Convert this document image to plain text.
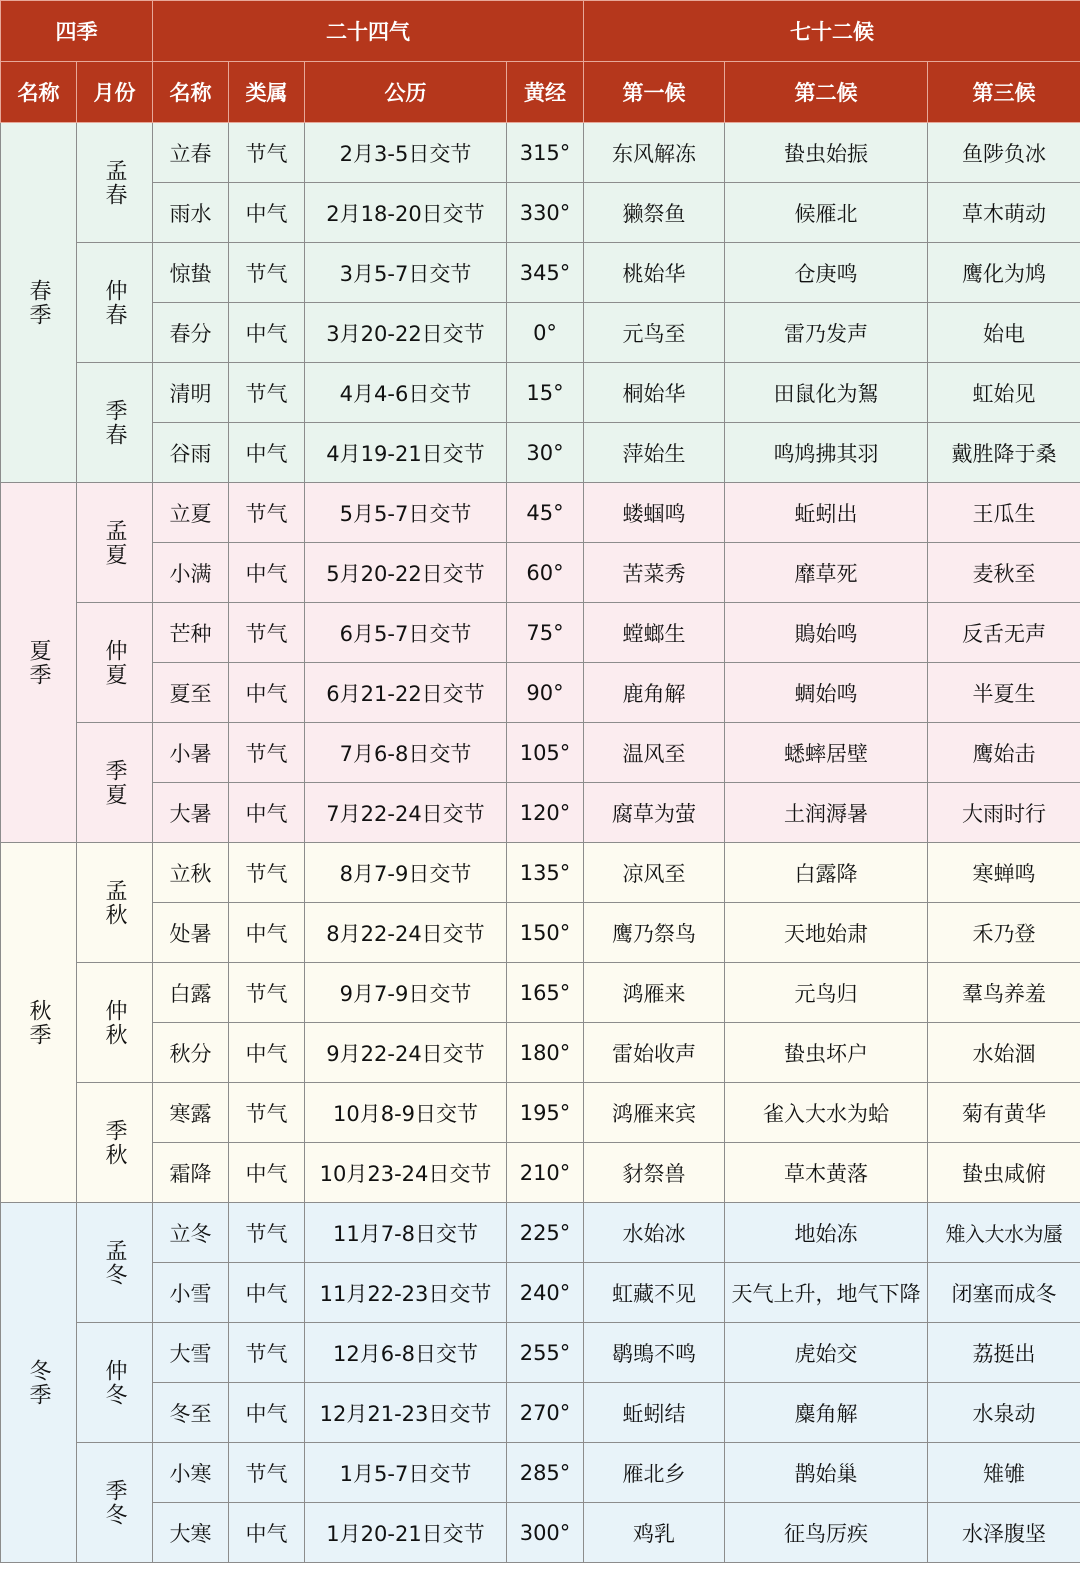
四季		二十四气				七十二候		
名称	月份	名称	类属	公历	黄经	第一候	第二候	第三候
春季	孟春	立春	节气	2月3-5日交节	315°	东风解冻	蛰虫始振	鱼陟负冰
		雨水	中气	2月18-20日交节	330°	獭祭鱼	候雁北	草木萌动
	仲春	惊蛰	节气	3月5-7日交节	345°	桃始华	仓庚鸣	鹰化为鸠
		春分	中气	3月20-22日交节	0°	元鸟至	雷乃发声	始电
	季春	清明	节气	4月4-6日交节	15°	桐始华	田鼠化为鴽	虹始见
		谷雨	中气	4月19-21日交节	30°	萍始生	鸣鸠拂其羽	戴胜降于桑
夏季	孟夏	立夏	节气	5月5-7日交节	45°	蝼蝈鸣	蚯蚓出	王瓜生
		小满	中气	5月20-22日交节	60°	苦菜秀	靡草死	麦秋至
	仲夏	芒种	节气	6月5-7日交节	75°	螳螂生	鵙始鸣	反舌无声
		夏至	中气	6月21-22日交节	90°	鹿角解	蜩始鸣	半夏生
	季夏	小暑	节气	7月6-8日交节	105°	温风至	蟋蟀居壁	鹰始击
		大暑	中气	7月22-24日交节	120°	腐草为萤	土润溽暑	大雨时行
秋季	孟秋	立秋	节气	8月7-9日交节	135°	凉风至	白露降	寒蝉鸣
		处暑	中气	8月22-24日交节	150°	鹰乃祭鸟	天地始肃	禾乃登
	仲秋	白露	节气	9月7-9日交节	165°	鸿雁来	元鸟归	羣鸟养羞
		秋分	中气	9月22-24日交节	180°	雷始收声	蛰虫坏户	水始涸
	季秋	寒露	节气	10月8-9日交节	195°	鸿雁来宾	雀入大水为蛤	菊有黄华
		霜降	中气	10月23-24日交节	210°	豺祭兽	草木黄落	蛰虫咸俯
冬季	孟冬	立冬	节气	11月7-8日交节	225°	水始冰	地始冻	雉入大水为蜃
		小雪	中气	11月22-23日交节	240°	虹藏不见	天气上升，地气下降	闭塞而成冬
	仲冬	大雪	节气	12月6-8日交节	255°	鹖鴠不鸣	虎始交	荔挺出
		冬至	中气	12月21-23日交节	270°	蚯蚓结	麋角解	水泉动
	季冬	小寒	节气	1月5-7日交节	285°	雁北乡	鹊始巢	雉雊
		大寒	中气	1月20-21日交节	300°	鸡乳	征鸟厉疾	水泽腹坚
